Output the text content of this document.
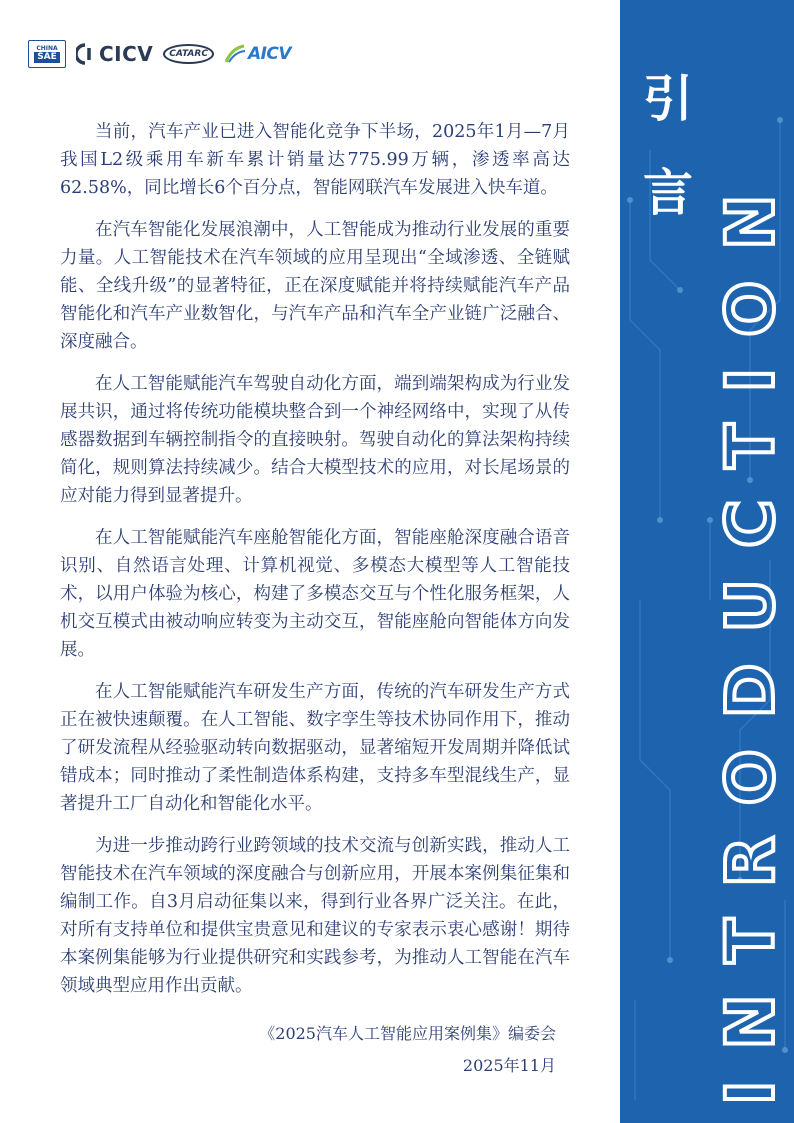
CHINA
SAE CICV	CATARC	AICV

当前，汽车产业已进入智能化竞争下半场，2025年1月—7月我国L2级乘用车新车累计销量达775.99万辆，渗透率高达62.58%，同比增长6个百分点，智能网联汽车发展进入快车道。

在汽车智能化发展浪潮中，人工智能成为推动行业发展的重要力量。人工智能技术在汽车领域的应用呈现出“全域渗透、全链赋能、全线升级”的显著特征，正在深度赋能并将持续赋能汽车产品智能化和汽车产业数智化，与汽车产品和汽车全产业链广泛融合、深度融合。

在人工智能赋能汽车驾驶自动化方面，端到端架构成为行业发展共识，通过将传统功能模块整合到一个神经网络中，实现了从传感器数据到车辆控制指令的直接映射。驾驶自动化的算法架构持续简化，规则算法持续减少。结合大模型技术的应用，对长尾场景的应对能力得到显著提升。

在人工智能赋能汽车座舱智能化方面，智能座舱深度融合语音识别、自然语言处理、计算机视觉、多模态大模型等人工智能技术，以用户体验为核心，构建了多模态交互与个性化服务框架，人机交互模式由被动响应转变为主动交互，智能座舱向智能体方向发展。

在人工智能赋能汽车研发生产方面，传统的汽车研发生产方式正在被快速颠覆。在人工智能、数字孪生等技术协同作用下，推动了研发流程从经验驱动转向数据驱动，显著缩短开发周期并降低试错成本；同时推动了柔性制造体系构建，支持多车型混线生产，显著提升工厂自动化和智能化水平。

为进一步推动跨行业跨领域的技术交流与创新实践，推动人工智能技术在汽车领域的深度融合与创新应用，开展本案例集征集和编制工作。自3月启动征集以来，得到行业各界广泛关注。在此，对所有支持单位和提供宝贵意见和建议的专家表示衷心感谢！期待本案例集能够为行业提供研究和实践参考，为推动人工智能在汽车领域典型应用作出贡献。

《2025汽车人工智能应用案例集》编委会
2025年11月
引
言 INTRODUCTION
